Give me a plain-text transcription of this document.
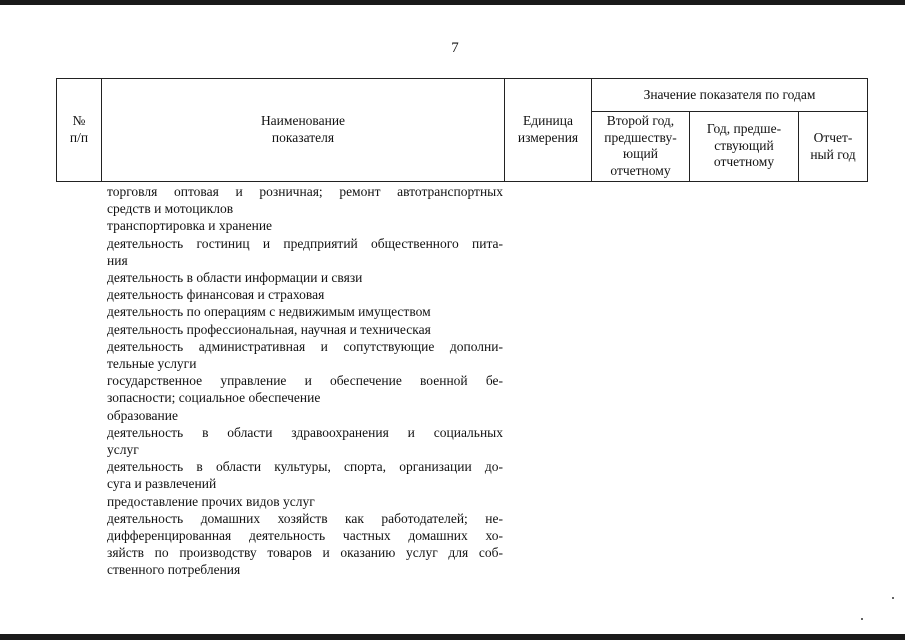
7
№
п/п
Наименование
показателя
Единица
измерения
Значение показателя по годам
Второй год,
предшеству-
ющий
отчетному
Год, предше-
ствующий
отчетному
Отчет-
ный год
торговля оптовая и розничная; ремонт автотранспортных
средств и мотоциклов
транспортировка и хранение
деятельность гостиниц и предприятий общественного пита-
ния
деятельность в области информации и связи
деятельность финансовая и страховая
деятельность по операциям с недвижимым имуществом
деятельность профессиональная, научная и техническая
деятельность административная и сопутствующие дополни-
тельные услуги
государственное управление и обеспечение военной бе-
зопасности; социальное обеспечение
образование
деятельность в области здравоохранения и социальных
услуг
деятельность в области культуры, спорта, организации до-
суга и развлечений
предоставление прочих видов услуг
деятельность домашних хозяйств как работодателей; не-
дифференцированная деятельность частных домашних хо-
зяйств по производству товаров и оказанию услуг для соб-
ственного потребления
